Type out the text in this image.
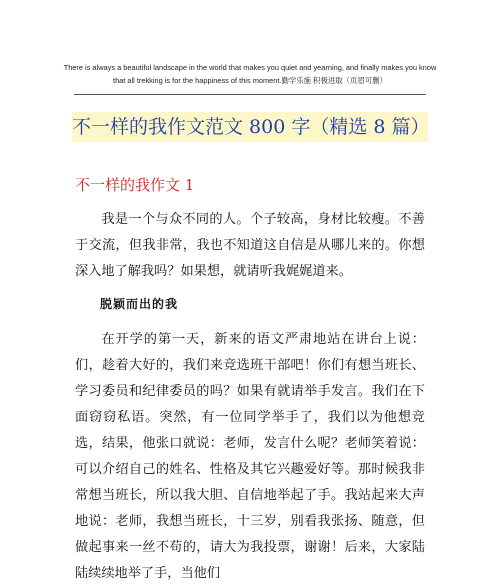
There is always a beautiful landscape in the world that makes you quiet and yearning, and finally makes you know that all trekking is for the happiness of this moment.勤学乐施 积极进取（页眉可删）
不一样的我作文范文 800 字（精选 8 篇）
不一样的我作文 1
我是一个与众不同的人。个子较高，身材比较瘦。不善于交流，但我非常，我也不知道这自信是从哪儿来的。你想深入地了解我吗？如果想，就请听我娓娓道来。
脱颖而出的我
在开学的第一天，新来的语文严肃地站在讲台上说：们，趁着大好的，我们来竞选班干部吧！你们有想当班长、学习委员和纪律委员的吗？如果有就请举手发言。我们在下面窃窃私语。突然，有一位同学举手了，我们以为他想竞选，结果，他张口就说：老师，发言什么呢？老师笑着说：可以介绍自己的姓名、性格及其它兴趣爱好等。那时候我非常想当班长，所以我大胆、自信地举起了手。我站起来大声地说：老师，我想当班长，十三岁，别看我张扬、随意，但做起事来一丝不苟的，请大为我投票，谢谢！后来，大家陆陆续续地举了手，当他们
